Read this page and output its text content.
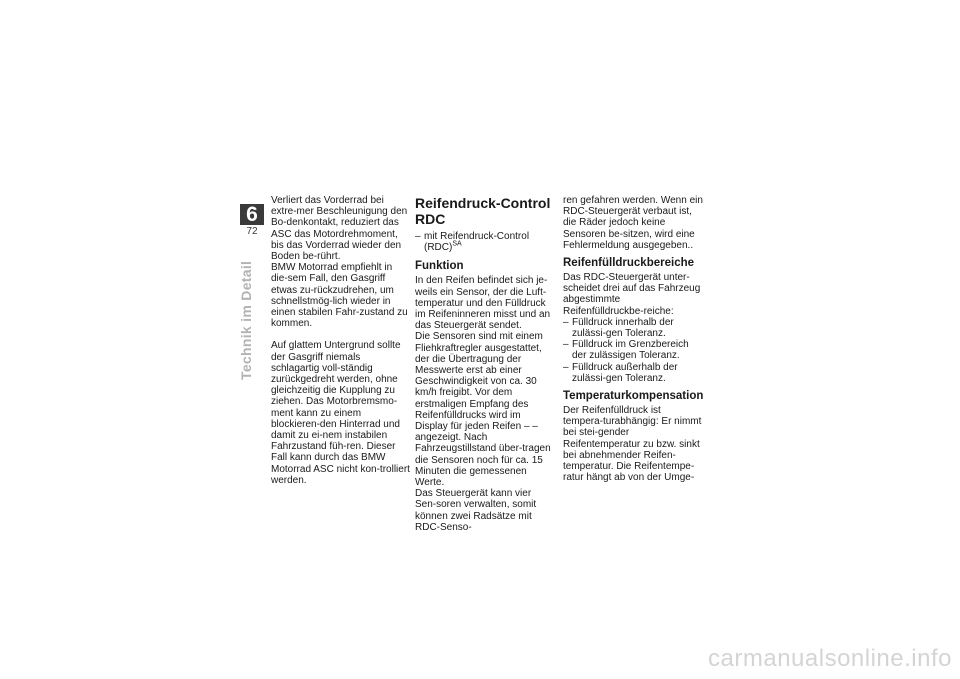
6
72
Technik im Detail

Verliert das Vorderrad bei extre-mer Beschleunigung den Bo-denkontakt, reduziert das ASC das Motordrehmoment, bis das Vorderrad wieder den Boden be-rührt.

BMW Motorrad empfiehlt in die-sem Fall, den Gasgriff etwas zu-rückzudrehen, um schnellstmög-lich wieder in einen stabilen Fahr-zustand zu kommen.

Auf glattem Untergrund sollte der Gasgriff niemals schlagartig voll-ständig zurückgedreht werden, ohne gleichzeitig die Kupplung zu ziehen. Das Motorbremsmo-ment kann zu einem blockieren-den Hinterrad und damit zu ei-nem instabilen Fahrzustand füh-ren. Dieser Fall kann durch das BMW Motorrad ASC nicht kon-trolliert werden.

Reifendruck-Control RDC
– mit Reifendruck-Control (RDC)$^{SA}$
Funktion

In den Reifen befindet sich je-weils ein Sensor, der die Luft-temperatur und den Fülldruck im Reifeninneren misst und an das Steuergerät sendet.

Die Sensoren sind mit einem Fliehkraftregler ausgestattet, der die Übertragung der Messwerte erst ab einer Geschwindigkeit von ca. 30 km/h freigibt. Vor dem erstmaligen Empfang des Reifenfülldrucks wird im Display für jeden Reifen – – angezeigt. Nach Fahrzeugstillstand über-tragen die Sensoren noch für ca. 15 Minuten die gemessenen Werte.

Das Steuergerät kann vier Sen-soren verwalten, somit können zwei Radsätze mit RDC-Senso-

ren gefahren werden. Wenn ein RDC-Steuergerät verbaut ist, die Räder jedoch keine Sensoren be-sitzen, wird eine Fehlermeldung ausgegeben..

Reifenfülldruckbereiche

Das RDC-Steuergerät unter-scheidet drei auf das Fahrzeug abgestimmte Reifenfülldruckbe-reiche:

– Fülldruck innerhalb der zulässi-gen Toleranz.
– Fülldruck im Grenzbereich der zulässigen Toleranz.
– Fülldruck außerhalb der zulässi-gen Toleranz.
Temperaturkompensation

Der Reifenfülldruck ist tempera-turabhängig: Er nimmt bei stei-gender Reifentemperatur zu bzw. sinkt bei abnehmender Reifen-temperatur. Die Reifentempe-ratur hängt ab von der Umge-

carmanualsonline.info
